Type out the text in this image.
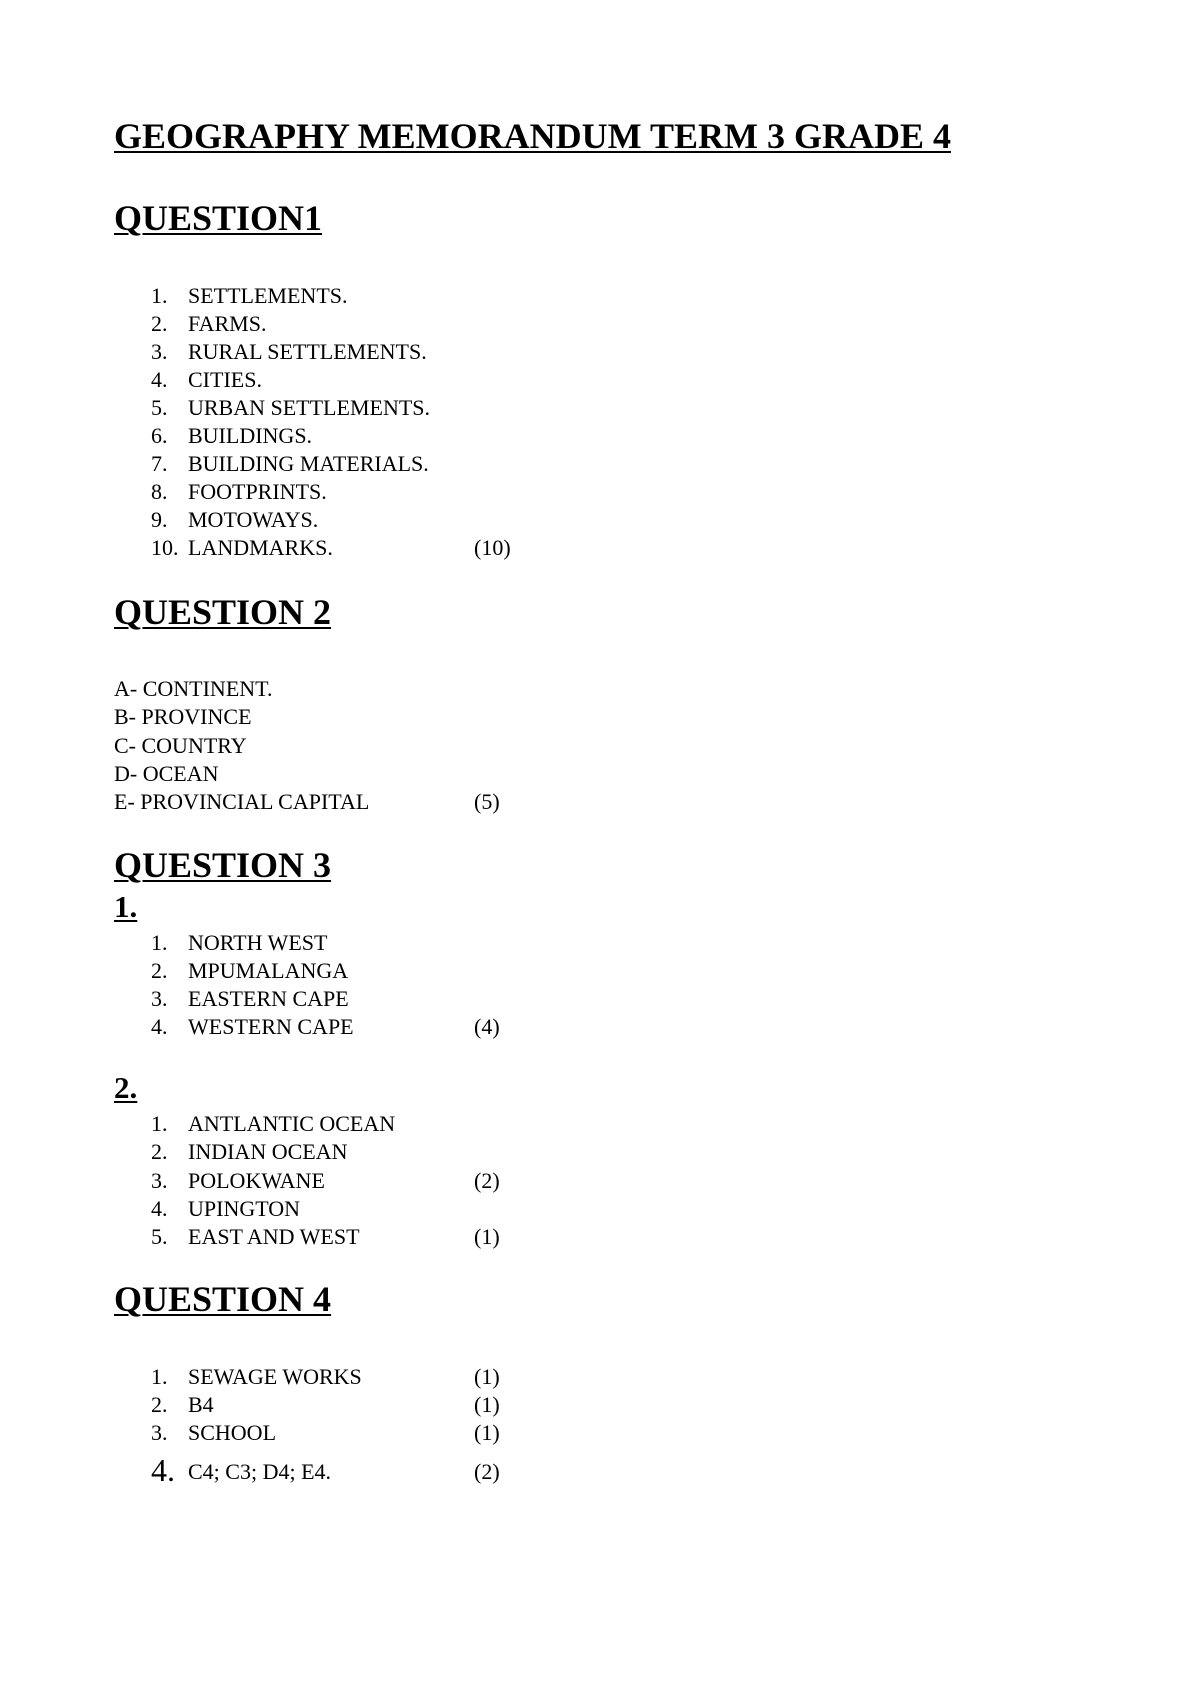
GEOGRAPHY MEMORANDUM TERM 3 GRADE 4
QUESTION1
1. SETTLEMENTS.
2. FARMS.
3. RURAL SETTLEMENTS.
4. CITIES.
5. URBAN SETTLEMENTS.
6. BUILDINGS.
7. BUILDING MATERIALS.
8. FOOTPRINTS.
9. MOTOWAYS.
10. LANDMARKS.	(10)
QUESTION 2
A- CONTINENT.
B- PROVINCE
C- COUNTRY
D- OCEAN
E- PROVINCIAL CAPITAL	(5)
QUESTION 3
1.
1. NORTH WEST
2. MPUMALANGA
3. EASTERN CAPE
4. WESTERN CAPE	(4)
2.
1. ANTLANTIC OCEAN
2. INDIAN OCEAN
3. POLOKWANE	(2)
4. UPINGTON
5. EAST AND WEST	(1)
QUESTION 4
1. SEWAGE WORKS	(1)
2. B4	(1)
3. SCHOOL	(1)
4. C4; C3; D4; E4.	(2)
